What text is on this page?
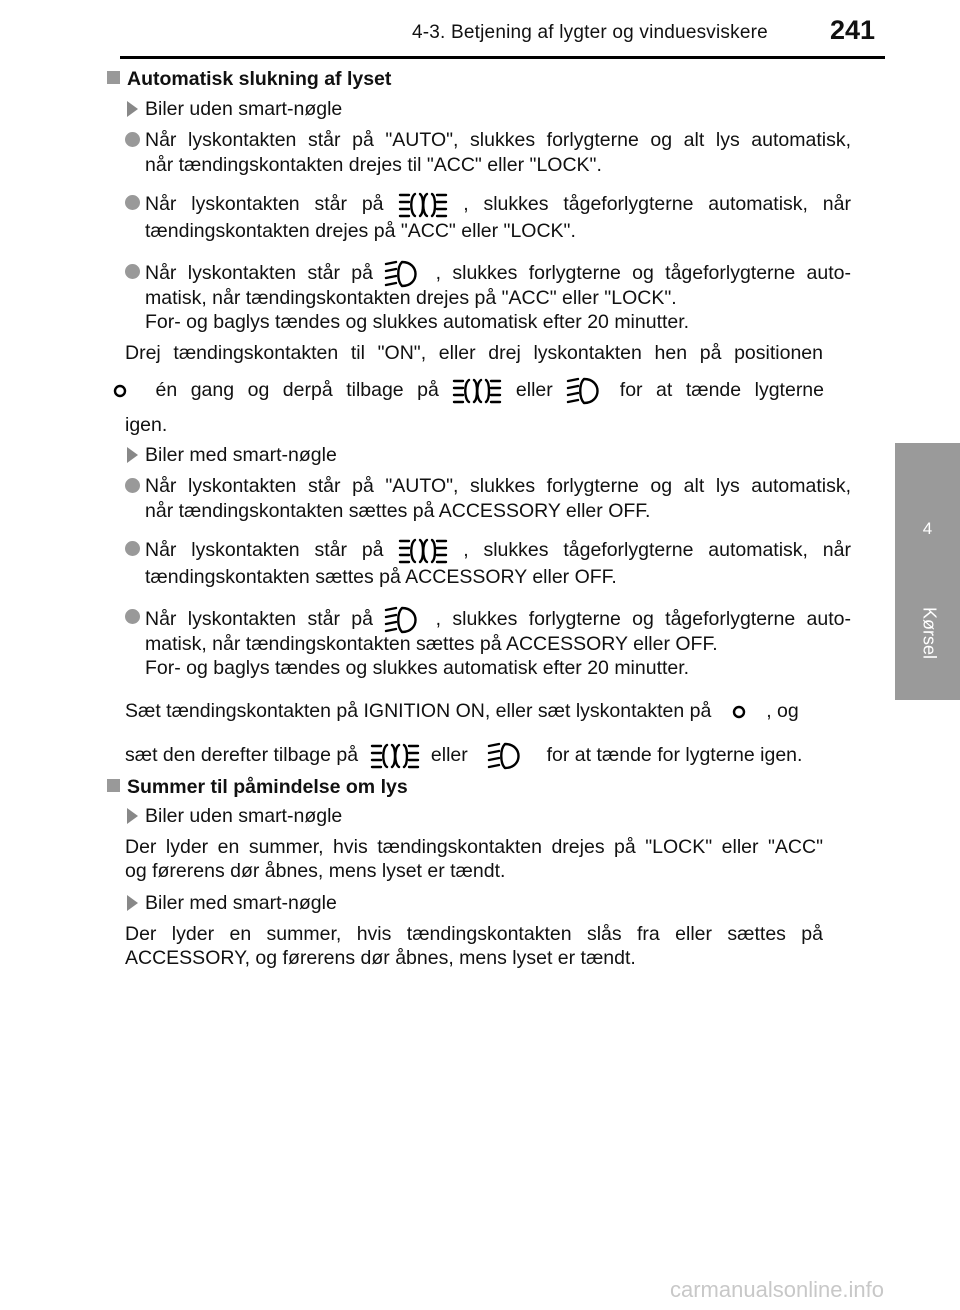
4-3. Betjening af lygter og vinduesviskere 241
4
Kørsel
Automatisk slukning af lyset
Biler uden smart-nøgle
Når lyskontakten står på "AUTO", slukkes forlygterne og alt lys automatisk,
når tændingskontakten drejes til "ACC" eller "LOCK".
Når lyskontakten står på	, slukkes tågeforlygterne automatisk, når
tændingskontakten drejes på "ACC" eller "LOCK".
Når lyskontakten står på	, slukkes forlygterne og tågeforlygterne auto-
matisk, når tændingskontakten drejes på "ACC" eller "LOCK".
For- og baglys tændes og slukkes automatisk efter 20 minutter.
Drej tændingskontakten til "ON", eller drej lyskontakten hen på positionen
én gang og derpå tilbage på	eller	for at tænde lygterne
igen.
Biler med smart-nøgle
Når lyskontakten står på "AUTO", slukkes forlygterne og alt lys automatisk,
når tændingskontakten sættes på ACCESSORY eller OFF.
Når lyskontakten står på	, slukkes tågeforlygterne automatisk, når
tændingskontakten sættes på ACCESSORY eller OFF.
Når lyskontakten står på	, slukkes forlygterne og tågeforlygterne auto-
matisk, når tændingskontakten sættes på ACCESSORY eller OFF.
For- og baglys tændes og slukkes automatisk efter 20 minutter.
Sæt tændingskontakten på IGNITION ON, eller sæt lyskontakten på	, og
sæt den derefter tilbage på	eller	for at tænde for lygterne igen.
Summer til påmindelse om lys
Biler uden smart-nøgle
Der lyder en summer, hvis tændingskontakten drejes på "LOCK" eller "ACC"
og førerens dør åbnes, mens lyset er tændt.
Biler med smart-nøgle
Der lyder en summer, hvis tændingskontakten slås fra eller sættes på
ACCESSORY, og førerens dør åbnes, mens lyset er tændt.
carmanualsonline.info
